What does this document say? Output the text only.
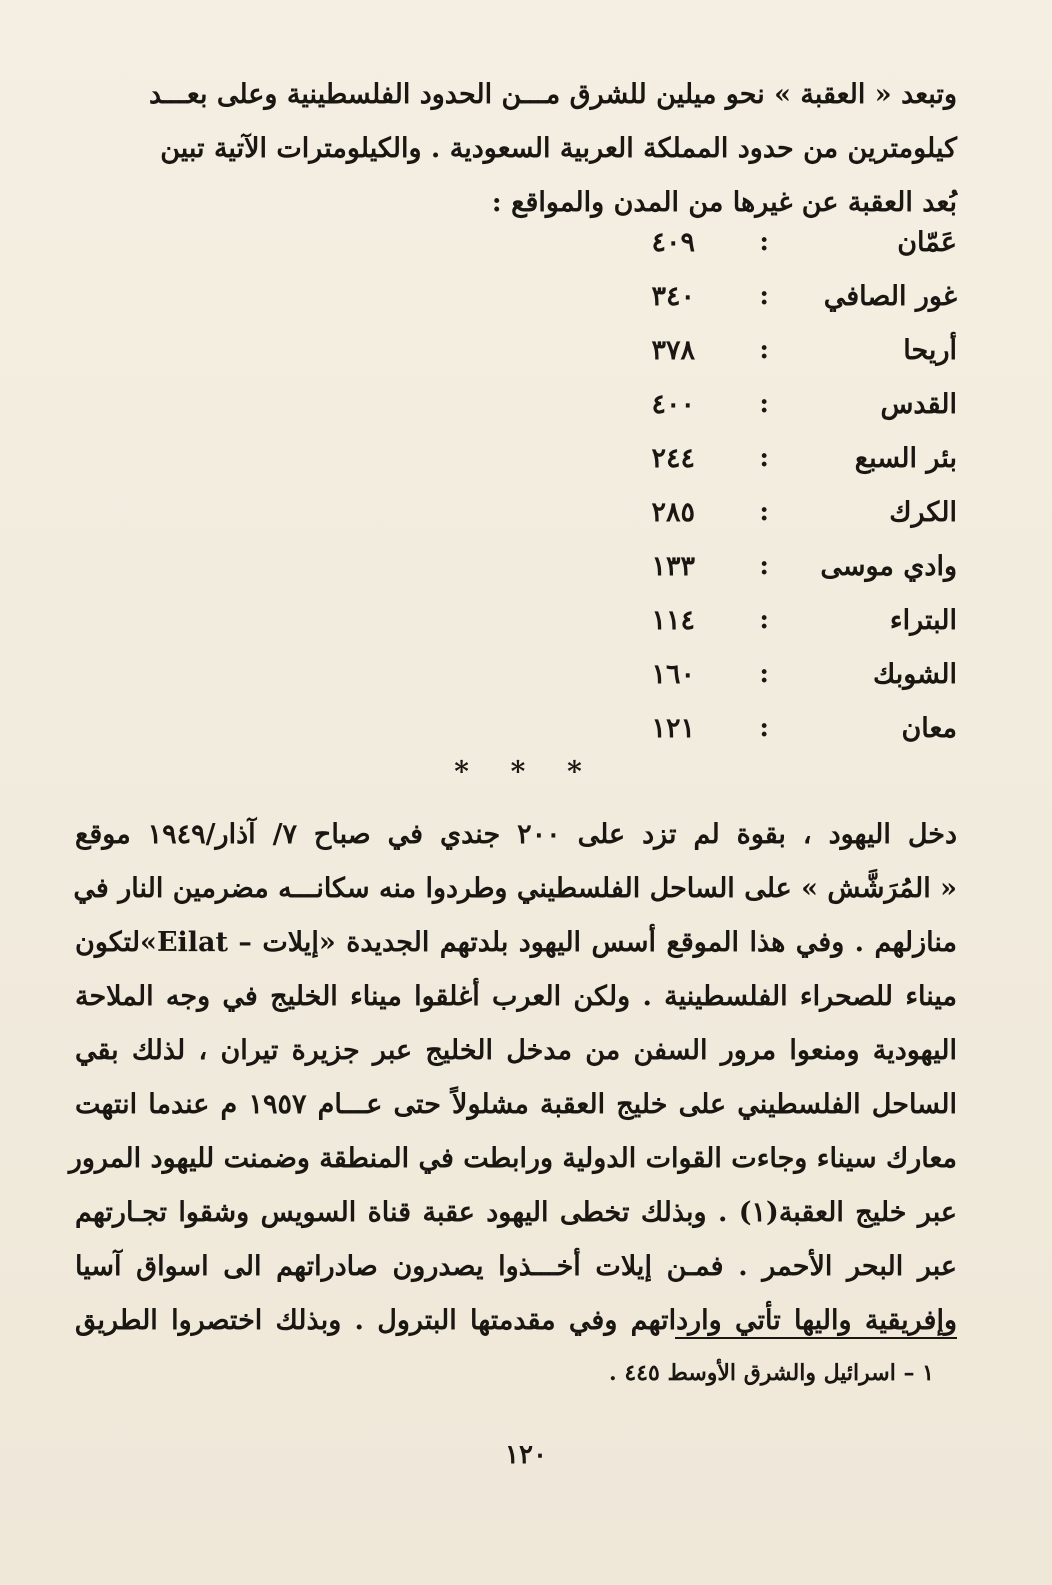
وتبعد « العقبة » نحو ميلين للشرق مـــن الحدود الفلسطينية وعلى بعـــد
كيلومترين من حدود المملكة العربية السعودية . والكيلومترات الآتية تبين
بُعد العقبة عن غيرها من المدن والمواقع :
عَمّان
:
٤٠٩
غور الصافي
:
٣٤٠
أريحا
:
٣٧٨
القدس
:
٤٠٠
بئر السبع
:
٢٤٤
الكرك
:
٢٨٥
وادي موسى
:
١٣٣
البتراء
:
١١٤
الشوبك
:
١٦٠
معان
:
١٢١
* * *
دخل اليهود ، بقوة لم تزد على ٢٠٠ جندي في صباح ٧/ آذار/١٩٤٩ موقع
« المُرَشَّش » على الساحل الفلسطيني وطردوا منه سكانـــه مضرمين النار في
منازلهم . وفي هذا الموقع أسس اليهود بلدتهم الجديدة «إيلات – Eilat»لتكون
ميناء للصحراء الفلسطينية . ولكن العرب أغلقوا ميناء الخليج في وجه الملاحة
اليهودية ومنعوا مرور السفن من مدخل الخليج عبر جزيرة تيران ، لذلك بقي
الساحل الفلسطيني على خليج العقبة مشلولاً حتى عـــام ١٩٥٧ م عندما انتهت
معارك سيناء وجاءت القوات الدولية ورابطت في المنطقة وضمنت لليهود المرور
عبر خليج العقبة(١) . وبذلك تخطى اليهود عقبة قناة السويس وشقوا تجـارتهم
عبر البحر الأحمر . فمـن إيلات أخـــذوا يصدرون صادراتهم الى اسواق آسيا
وإفريقية واليها تأتي وارداتهم وفي مقدمتها البترول . وبذلك اختصروا الطريق
١ – اسرائيل والشرق الأوسط ٤٤٥ .
١٢٠
